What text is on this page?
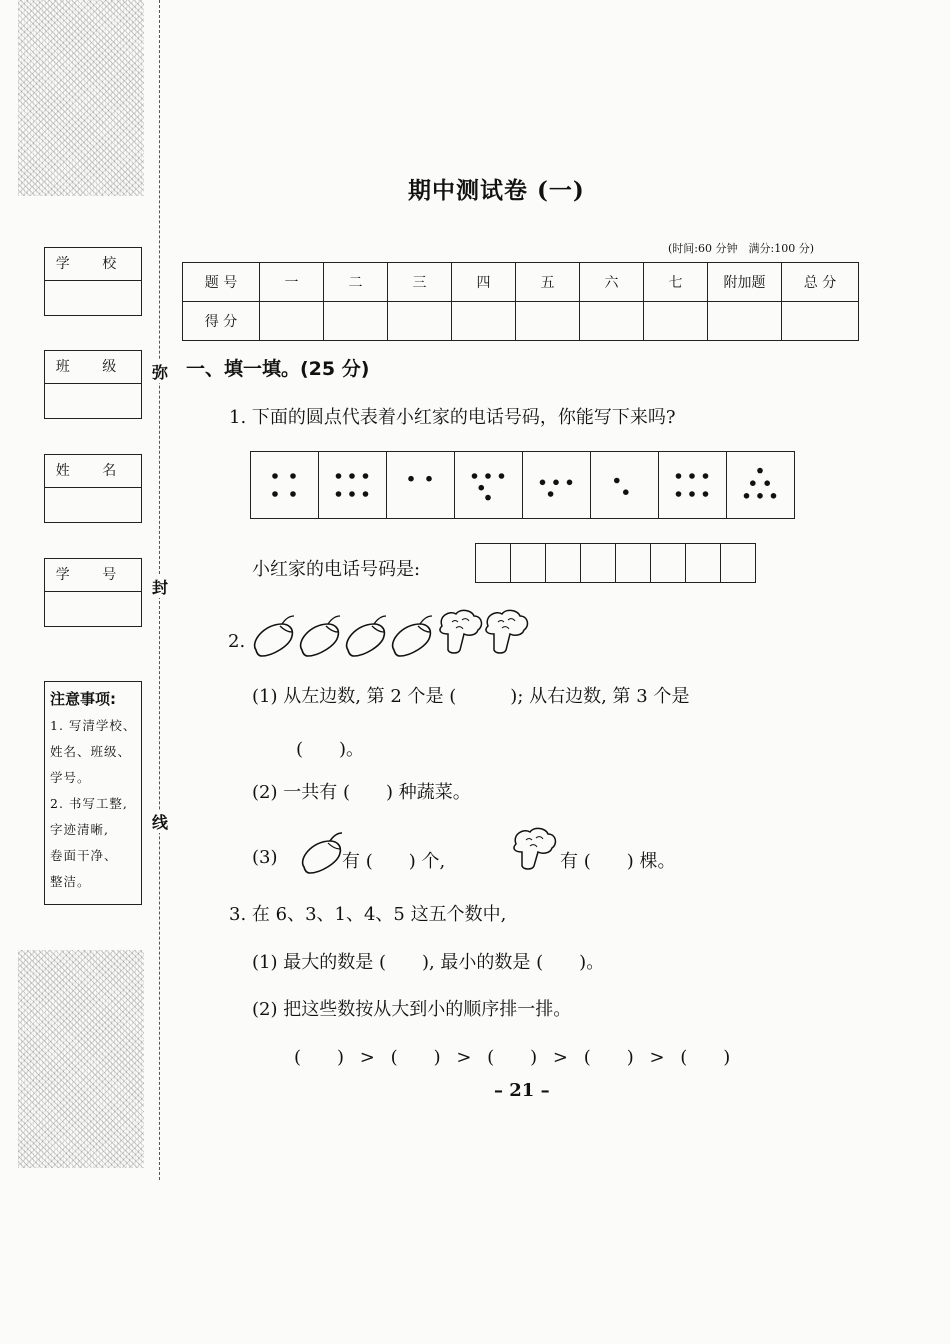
弥
封
线
学 校
班 级
姓 名
学 号
注意事项:
1. 写清学校、
姓名、班级、
学号。
2. 书写工整,
字迹清晰,
卷面干净、
整洁。
期中测试卷 (一)
(时间:60 分钟　满分:100 分)
题 号	一	二	三	四	五	六	七	附加题	总 分
得 分									
一、填一填。(25 分)
1. 下面的圆点代表着小红家的电话号码，你能写下来吗?
小红家的电话号码是:
2.
(1) 从左边数, 第 2 个是 (　　　); 从右边数, 第 3 个是
(　　)。
(2) 一共有 (　　) 种蔬菜。
(3)	有 (　　) 个,	有 (　　) 棵。
3. 在 6、3、1、4、5 这五个数中,
(1) 最大的数是 (　　), 最小的数是 (　　)。
(2) 把这些数按从大到小的顺序排一排。
(　　) > (　　) > (　　) > (　　) > (　　)
– 21 –
